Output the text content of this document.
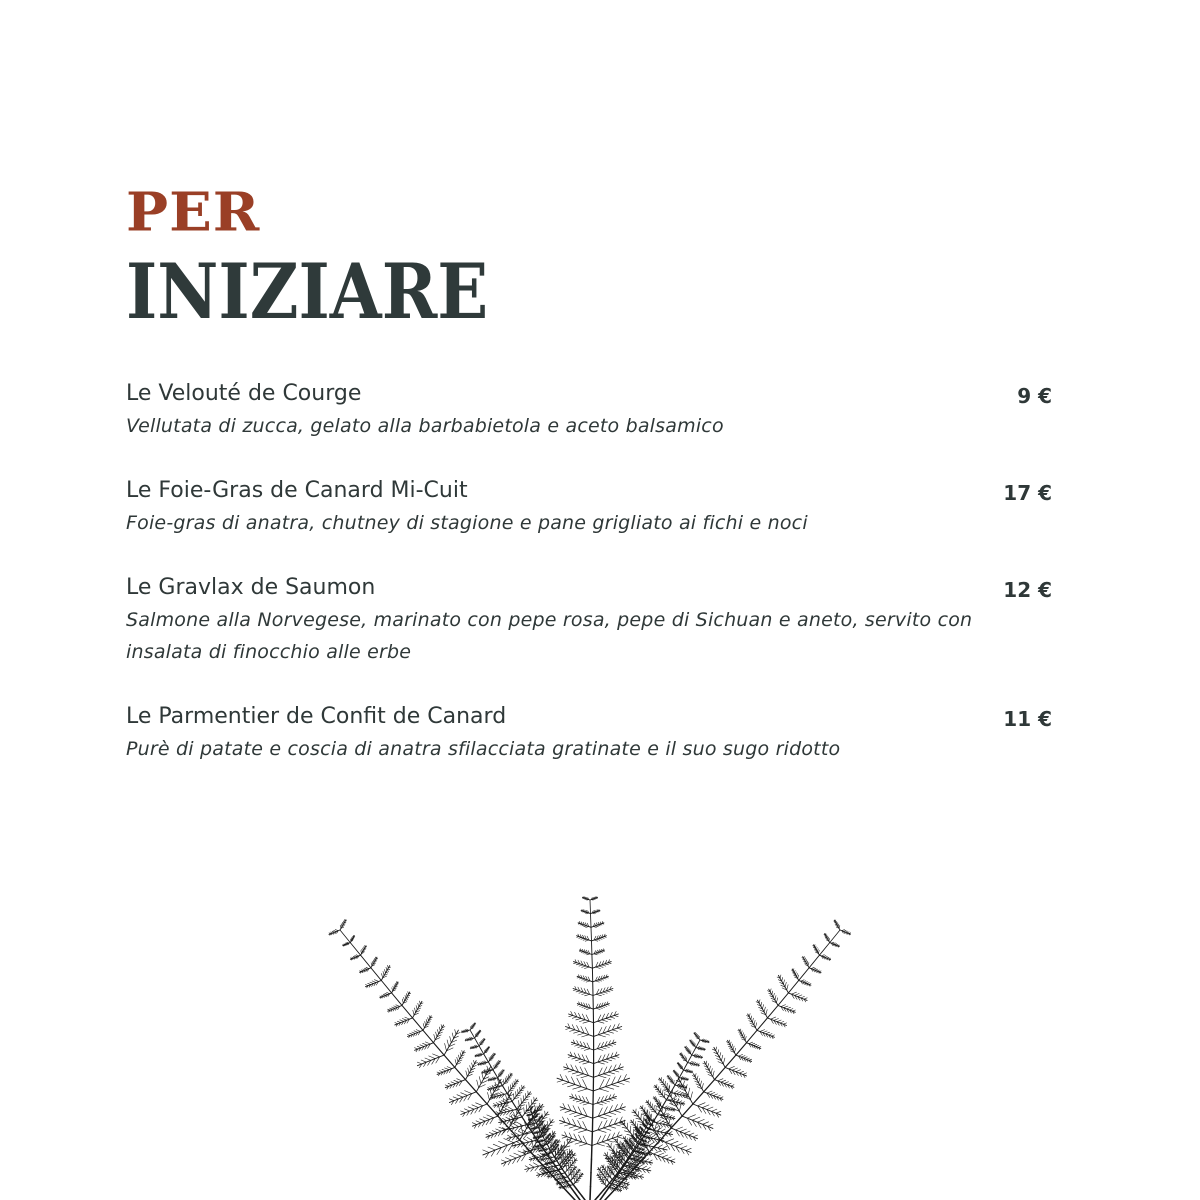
PER
INIZIARE
Le Velouté de Courge	9 €
Vellutata di zucca, gelato alla barbabietola e aceto balsamico
Le Foie-Gras de Canard Mi-Cuit	17 €
Foie-gras di anatra, chutney di stagione e pane grigliato ai fichi e noci
Le Gravlax de Saumon	12 €
Salmone alla Norvegese, marinato con pepe rosa, pepe di Sichuan e aneto, servito con insalata di finocchio alle erbe
Le Parmentier de Confit de Canard	11 €
Purè di patate e coscia di anatra sfilacciata gratinate e il suo sugo ridotto
